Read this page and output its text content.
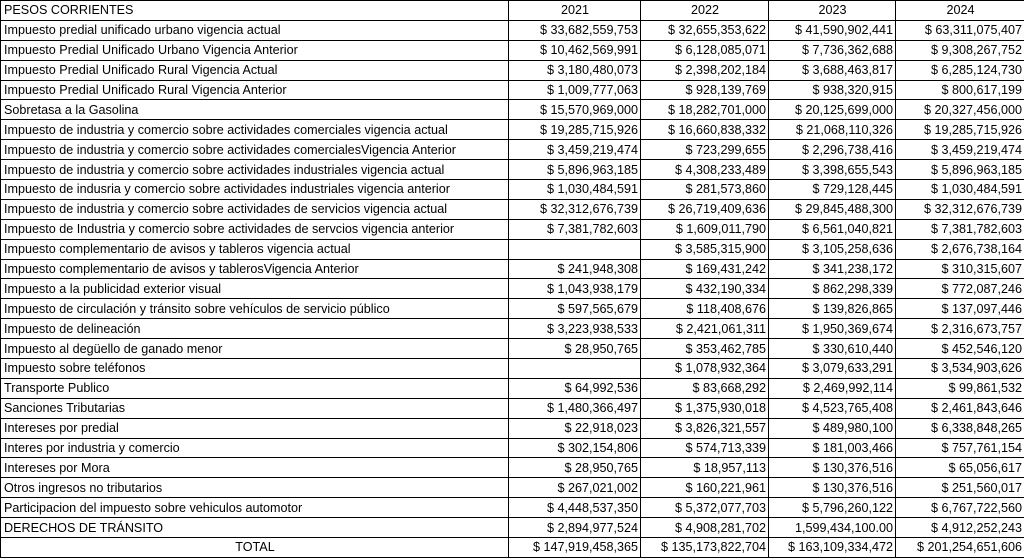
PESOS CORRIENTES	2021	2022	2023	2024
Impuesto predial unificado urbano vigencia actual	$ 33,682,559,753	$ 32,655,353,622	$ 41,590,902,441	$ 63,311,075,407
Impuesto Predial Unificado Urbano Vigencia Anterior	$ 10,462,569,991	$ 6,128,085,071	$ 7,736,362,688	$ 9,308,267,752
Impuesto Predial Unificado Rural Vigencia Actual	$ 3,180,480,073	$ 2,398,202,184	$ 3,688,463,817	$ 6,285,124,730
Impuesto Predial Unificado Rural Vigencia Anterior	$ 1,009,777,063	$ 928,139,769	$ 938,320,915	$ 800,617,199
Sobretasa a la Gasolina	$ 15,570,969,000	$ 18,282,701,000	$ 20,125,699,000	$ 20,327,456,000
Impuesto de industria y comercio sobre actividades comerciales vigencia actual	$ 19,285,715,926	$ 16,660,838,332	$ 21,068,110,326	$ 19,285,715,926
Impuesto de industria y comercio sobre actividades comercialesVigencia Anterior	$ 3,459,219,474	$ 723,299,655	$ 2,296,738,416	$ 3,459,219,474
Impuesto de industria y comercio sobre actividades industriales vigencia actual	$ 5,896,963,185	$ 4,308,233,489	$ 3,398,655,543	$ 5,896,963,185
Impuesto de indusria y comercio sobre actividades industriales vigencia anterior	$ 1,030,484,591	$ 281,573,860	$ 729,128,445	$ 1,030,484,591
Impuesto de industria y comercio sobre actividades de servicios vigencia actual	$ 32,312,676,739	$ 26,719,409,636	$ 29,845,488,300	$ 32,312,676,739
Impuesto de Industria y comercio sobre actividades de servcios vigencia anterior	$ 7,381,782,603	$ 1,609,011,790	$ 6,561,040,821	$ 7,381,782,603
Impuesto complementario de avisos y tableros vigencia actual		$ 3,585,315,900	$ 3,105,258,636	$ 2,676,738,164
Impuesto complementario de avisos y tablerosVigencia Anterior	$ 241,948,308	$ 169,431,242	$ 341,238,172	$ 310,315,607
Impuesto a la publicidad exterior visual	$ 1,043,938,179	$ 432,190,334	$ 862,298,339	$ 772,087,246
Impuesto de circulación y tránsito sobre vehículos de servicio público	$ 597,565,679	$ 118,408,676	$ 139,826,865	$ 137,097,446
Impuesto de delineación	$ 3,223,938,533	$ 2,421,061,311	$ 1,950,369,674	$ 2,316,673,757
Impuesto al degüello de ganado menor	$ 28,950,765	$ 353,462,785	$ 330,610,440	$ 452,546,120
Impuesto sobre teléfonos		$ 1,078,932,364	$ 3,079,633,291	$ 3,534,903,626
Transporte Publico	$ 64,992,536	$ 83,668,292	$ 2,469,992,114	$ 99,861,532
Sanciones Tributarias	$ 1,480,366,497	$ 1,375,930,018	$ 4,523,765,408	$ 2,461,843,646
Intereses por predial	$ 22,918,023	$ 3,826,321,557	$ 489,980,100	$ 6,338,848,265
Interes por industria y comercio	$ 302,154,806	$ 574,713,339	$ 181,003,466	$ 757,761,154
Intereses por Mora	$ 28,950,765	$ 18,957,113	$ 130,376,516	$ 65,056,617
Otros ingresos no tributarios	$ 267,021,002	$ 160,221,961	$ 130,376,516	$ 251,560,017
Participacion del impuesto sobre vehiculos automotor	$ 4,448,537,350	$ 5,372,077,703	$ 5,796,260,122	$ 6,767,722,560
DERECHOS DE TRÁNSITO	$ 2,894,977,524	$ 4,908,281,702	1,599,434,100.00	$ 4,912,252,243
TOTAL	$ 147,919,458,365	$ 135,173,822,704	$ 163,109,334,472	$ 201,254,651,606
